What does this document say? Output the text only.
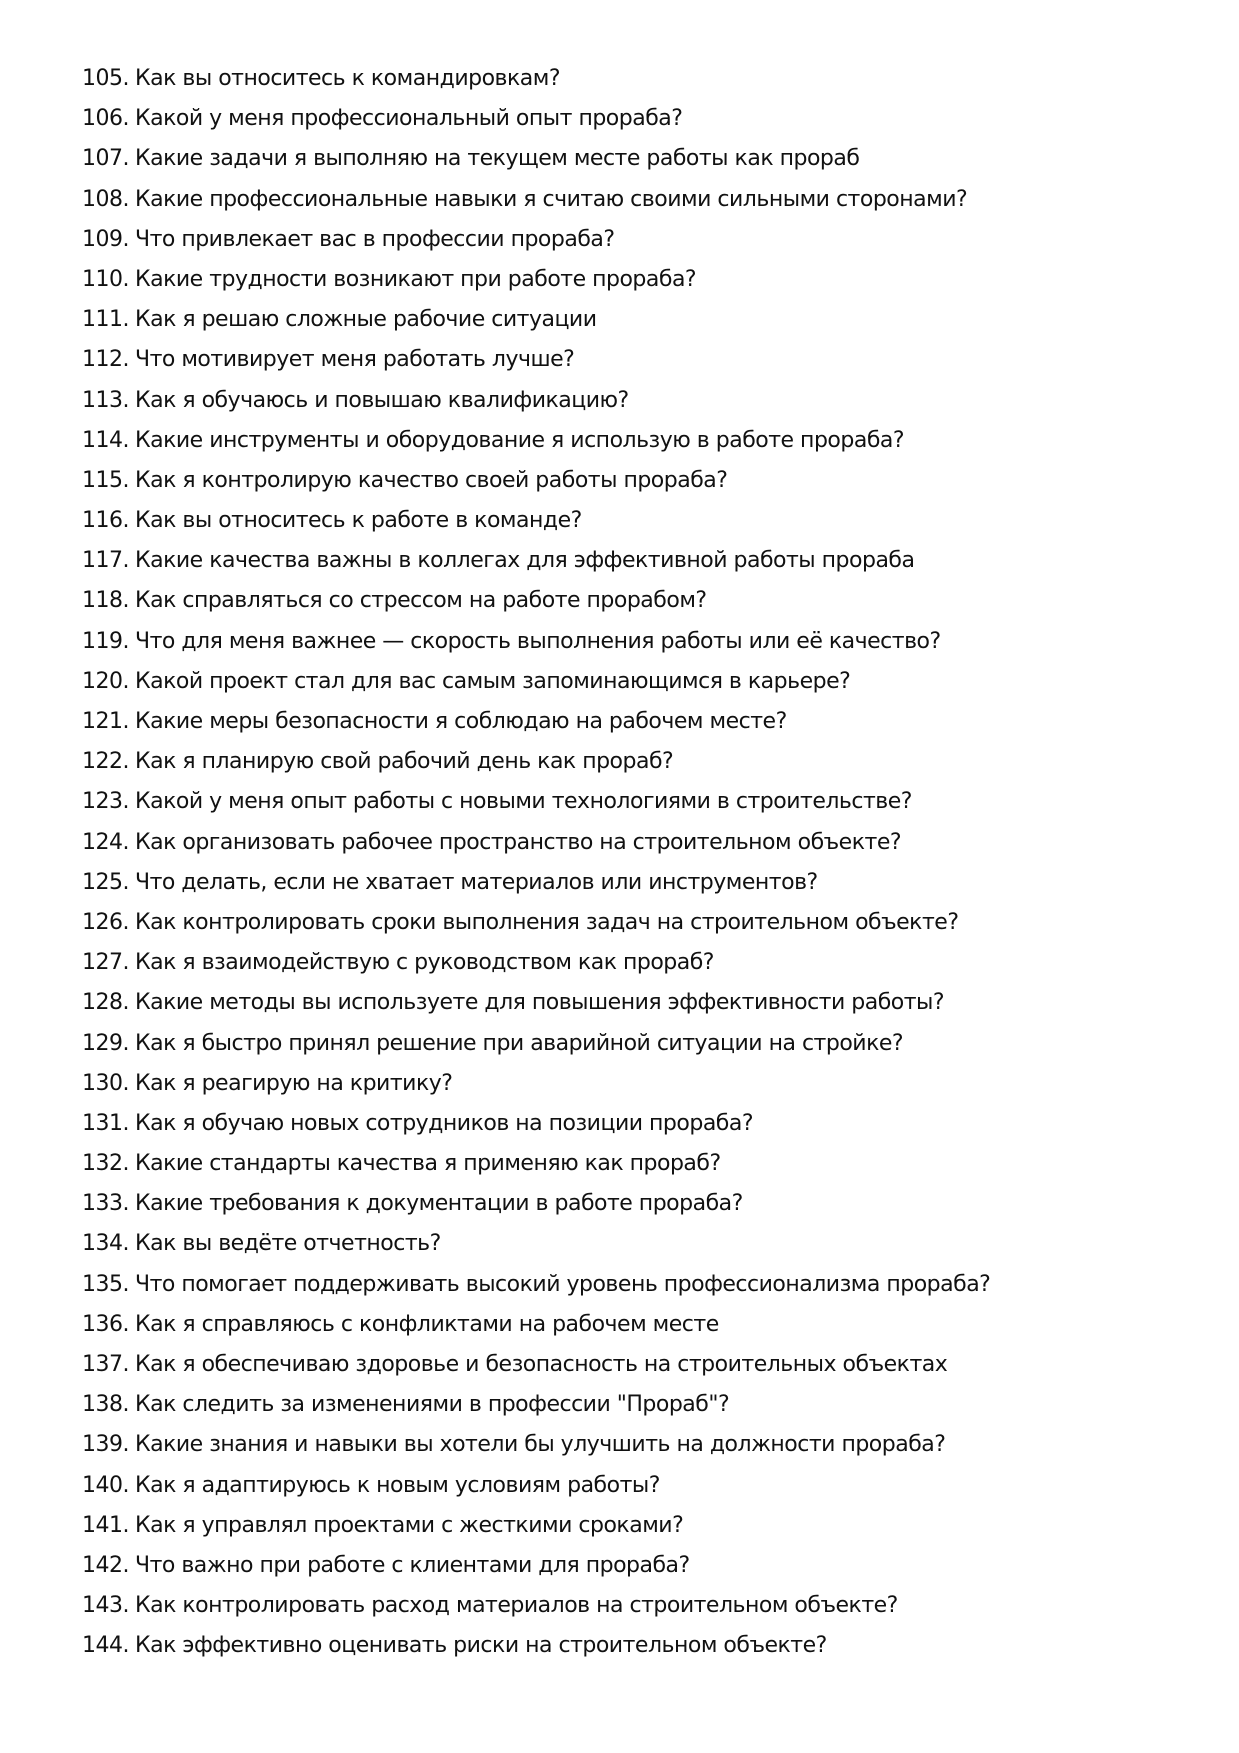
105. Как вы относитесь к командировкам?
106. Какой у меня профессиональный опыт прораба?
107. Какие задачи я выполняю на текущем месте работы как прораб
108. Какие профессиональные навыки я считаю своими сильными сторонами?
109. Что привлекает вас в профессии прораба?
110. Какие трудности возникают при работе прораба?
111. Как я решаю сложные рабочие ситуации
112. Что мотивирует меня работать лучше?
113. Как я обучаюсь и повышаю квалификацию?
114. Какие инструменты и оборудование я использую в работе прораба?
115. Как я контролирую качество своей работы прораба?
116. Как вы относитесь к работе в команде?
117. Какие качества важны в коллегах для эффективной работы прораба
118. Как справляться со стрессом на работе прорабом?
119. Что для меня важнее — скорость выполнения работы или её качество?
120. Какой проект стал для вас самым запоминающимся в карьере?
121. Какие меры безопасности я соблюдаю на рабочем месте?
122. Как я планирую свой рабочий день как прораб?
123. Какой у меня опыт работы с новыми технологиями в строительстве?
124. Как организовать рабочее пространство на строительном объекте?
125. Что делать, если не хватает материалов или инструментов?
126. Как контролировать сроки выполнения задач на строительном объекте?
127. Как я взаимодействую с руководством как прораб?
128. Какие методы вы используете для повышения эффективности работы?
129. Как я быстро принял решение при аварийной ситуации на стройке?
130. Как я реагирую на критику?
131. Как я обучаю новых сотрудников на позиции прораба?
132. Какие стандарты качества я применяю как прораб?
133. Какие требования к документации в работе прораба?
134. Как вы ведёте отчетность?
135. Что помогает поддерживать высокий уровень профессионализма прораба?
136. Как я справляюсь с конфликтами на рабочем месте
137. Как я обеспечиваю здоровье и безопасность на строительных объектах
138. Как следить за изменениями в профессии "Прораб"?
139. Какие знания и навыки вы хотели бы улучшить на должности прораба?
140. Как я адаптируюсь к новым условиям работы?
141. Как я управлял проектами с жесткими сроками?
142. Что важно при работе с клиентами для прораба?
143. Как контролировать расход материалов на строительном объекте?
144. Как эффективно оценивать риски на строительном объекте?
